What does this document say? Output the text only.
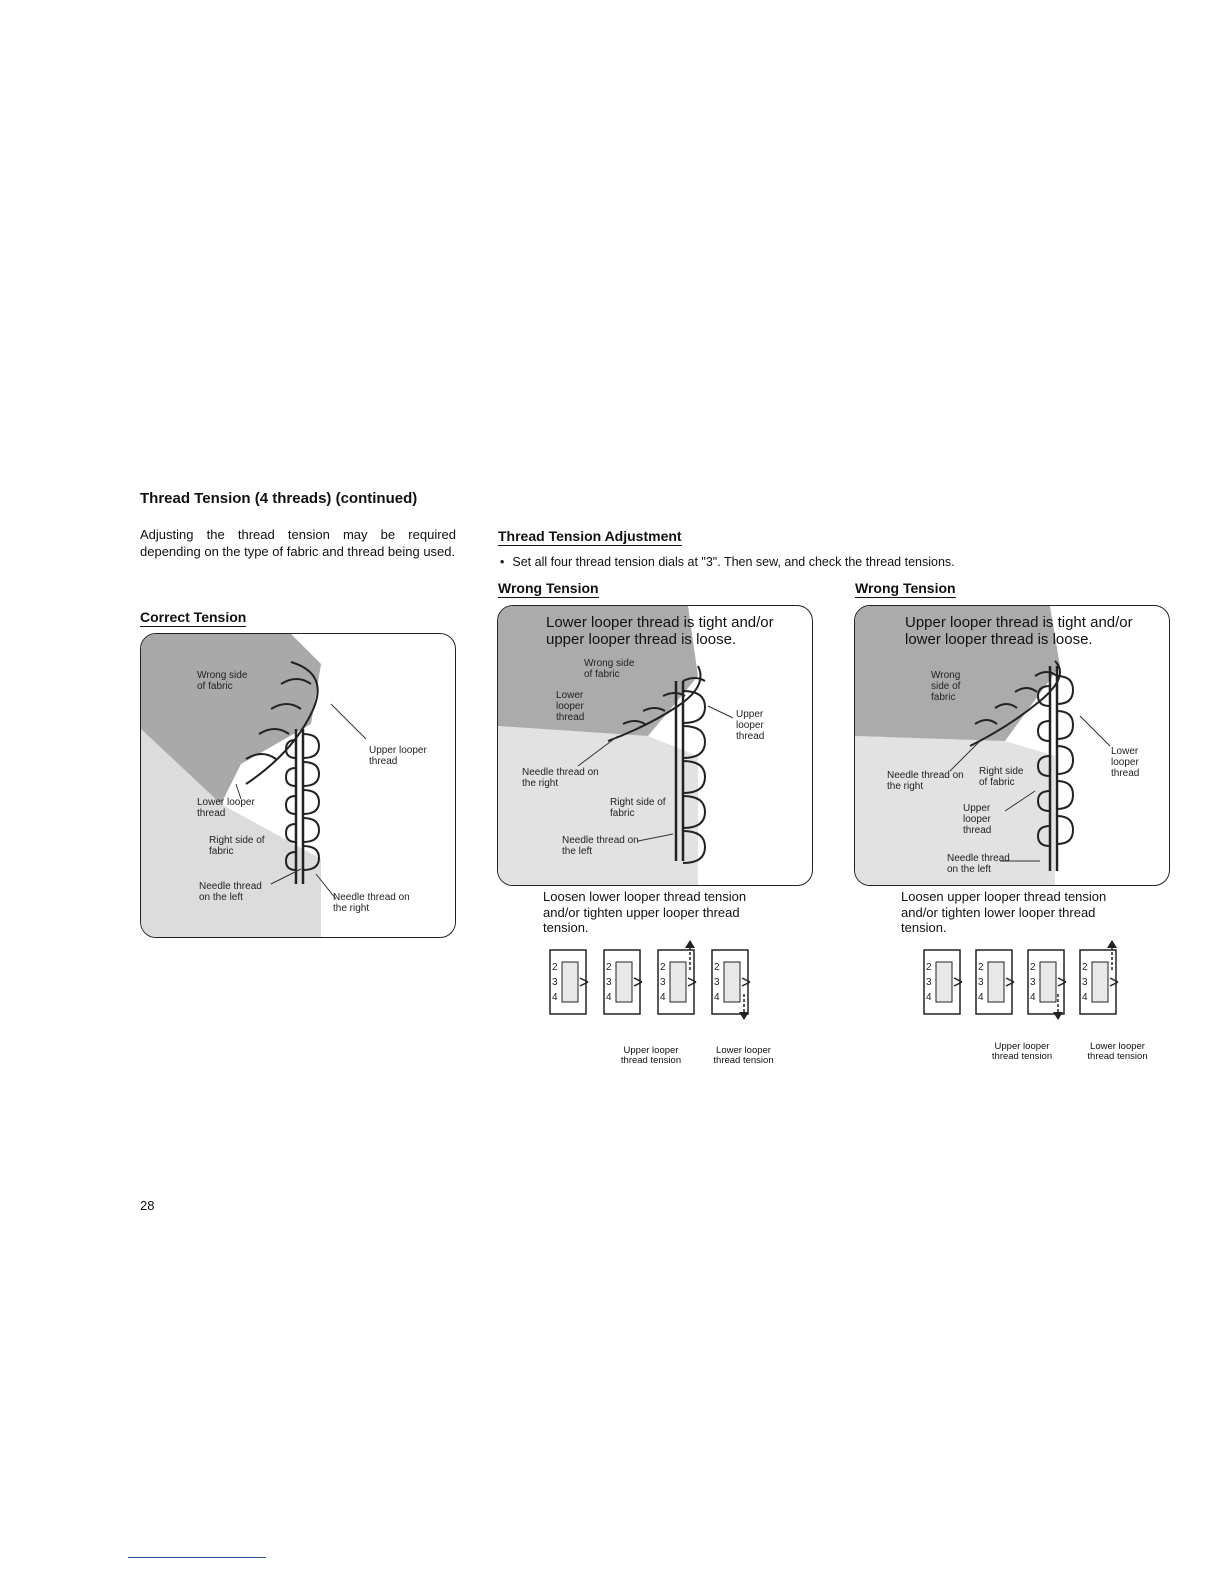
Thread Tension (4 threads) (continued)
Adjusting the thread tension may be required depending on the type of fabric and thread being used.
Correct Tension
Wrong side of fabric
Upper looper thread
Lower looper thread
Right side of fabric
Needle thread on the left	Needle thread on the right
Thread Tension Adjustment
• Set all four thread tension dials at "3". Then sew, and check the thread tensions.
Wrong Tension
Lower looper thread is tight and/or upper looper thread is loose.
Wrong side of fabric
Lower looper thread	Upper looper thread
Needle thread on the right
Right side of fabric
Needle thread on the left
Loosen lower looper thread tension and/or tighten upper looper thread tension.
2
3
4
2
3
4
2
3
4
2
3
4
Upper looper thread tension
Lower looper thread tension
Wrong Tension
Upper looper thread is tight and/or lower looper thread is loose.
Wrong side of fabric
Lower looper thread
Needle thread on the right
Right side of fabric
Upper looper thread
Needle thread on the left
Loosen upper looper thread tension and/or tighten lower looper thread tension.
2
3
4
2
3
4
2
3
4
2
3
4
Upper looper thread tension
Lower looper thread tension
28
